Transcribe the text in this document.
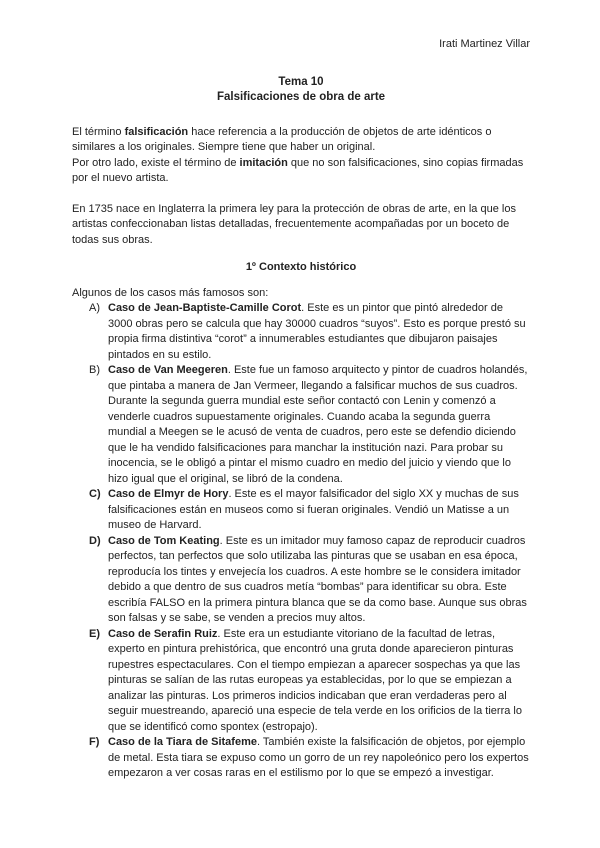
Irati Martinez Villar

Tema 10

Falsificaciones de obra de arte

El término falsificación hace referencia a la producción de objetos de arte idénticos o similares a los originales. Siempre tiene que haber un original.

Por otro lado, existe el término de imitación que no son falsificaciones, sino copias firmadas por el nuevo artista.

En 1735 nace en Inglaterra la primera ley para la protección de obras de arte, en la que los artistas confeccionaban listas detalladas, frecuentemente acompañadas por un boceto de todas sus obras.

1º Contexto histórico

Algunos de los casos más famosos son:

A) Caso de Jean-Baptiste-Camille Corot. Este es un pintor que pintó alrededor de 3000 obras pero se calcula que hay 30000 cuadros “suyos”. Esto es porque prestó su propia firma distintiva “corot” a innumerables estudiantes que dibujaron paisajes pintados en su estilo.
B) Caso de Van Meegeren. Este fue un famoso arquitecto y pintor de cuadros holandés, que pintaba a manera de Jan Vermeer, llegando a falsificar muchos de sus cuadros. Durante la segunda guerra mundial este señor contactó con Lenin y comenzó a venderle cuadros supuestamente originales. Cuando acaba la segunda guerra mundial a Meegen se le acusó de venta de cuadros, pero este se defendio diciendo que le ha vendido falsificaciones para manchar la institución nazi. Para probar su inocencia, se le obligó a pintar el mismo cuadro en medio del juicio y viendo que lo hizo igual que el original, se libró de la condena.
C) Caso de Elmyr de Hory. Este es el mayor falsificador del siglo XX y muchas de sus falsificaciones están en museos como si fueran originales. Vendió un Matisse a un museo de Harvard.
D) Caso de Tom Keating. Este es un imitador muy famoso capaz de reproducir cuadros perfectos, tan perfectos que solo utilizaba las pinturas que se usaban en esa época, reproducía los tintes y envejecía los cuadros. A este hombre se le considera imitador debido a que dentro de sus cuadros metía “bombas” para identificar su obra. Este escribía FALSO en la primera pintura blanca que se da como base. Aunque sus obras son falsas y se sabe, se venden a precios muy altos.
E) Caso de Serafin Ruiz. Este era un estudiante vitoriano de la facultad de letras, experto en pintura prehistórica, que encontró una gruta donde aparecieron pinturas rupestres espectaculares. Con el tiempo empiezan a aparecer sospechas ya que las pinturas se salían de las rutas europeas ya establecidas, por lo que se empiezan a analizar las pinturas. Los primeros indicios indicaban que eran verdaderas pero al seguir muestreando, apareció una especie de tela verde en los orificios de la tierra lo que se identificó como spontex (estropajo).
F) Caso de la Tiara de Sitafeme. También existe la falsificación de objetos, por ejemplo de metal. Esta tiara se expuso como un gorro de un rey napoleónico pero los expertos empezaron a ver cosas raras en el estilismo por lo que se empezó a investigar.
